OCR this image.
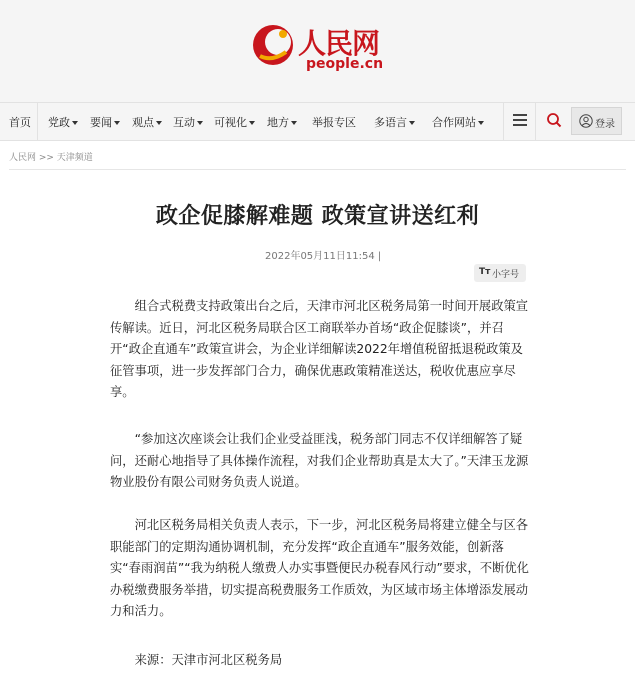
人民网
people.cn
首页 党政	要闻	观点	互动	可视化	地方	举报专区 多语言	合作网站	登录
人民网 >> 天津频道
政企促膝解难题 政策宣讲送红利
2022年05月11日11:54 |
Tт 小字号

组合式税费支持政策出台之后，天津市河北区税务局第一时间开展政策宣传解读。近日，河北区税务局联合区工商联举办首场“政企促膝谈”，并召开“政企直通车”政策宣讲会，为企业详细解读2022年增值税留抵退税政策及征管事项，进一步发挥部门合力，确保优惠政策精准送达，税收优惠应享尽享。

“参加这次座谈会让我们企业受益匪浅，税务部门同志不仅详细解答了疑问，还耐心地指导了具体操作流程，对我们企业帮助真是太大了。”天津玉龙源物业股份有限公司财务负责人说道。

河北区税务局相关负责人表示，下一步，河北区税务局将建立健全与区各职能部门的定期沟通协调机制，充分发挥“政企直通车”服务效能，创新落实“春雨润苗”“我为纳税人缴费人办实事暨便民办税春风行动”要求，不断优化办税缴费服务举措，切实提高税费服务工作质效，为区域市场主体增添发展动力和活力。

来源：天津市河北区税务局
